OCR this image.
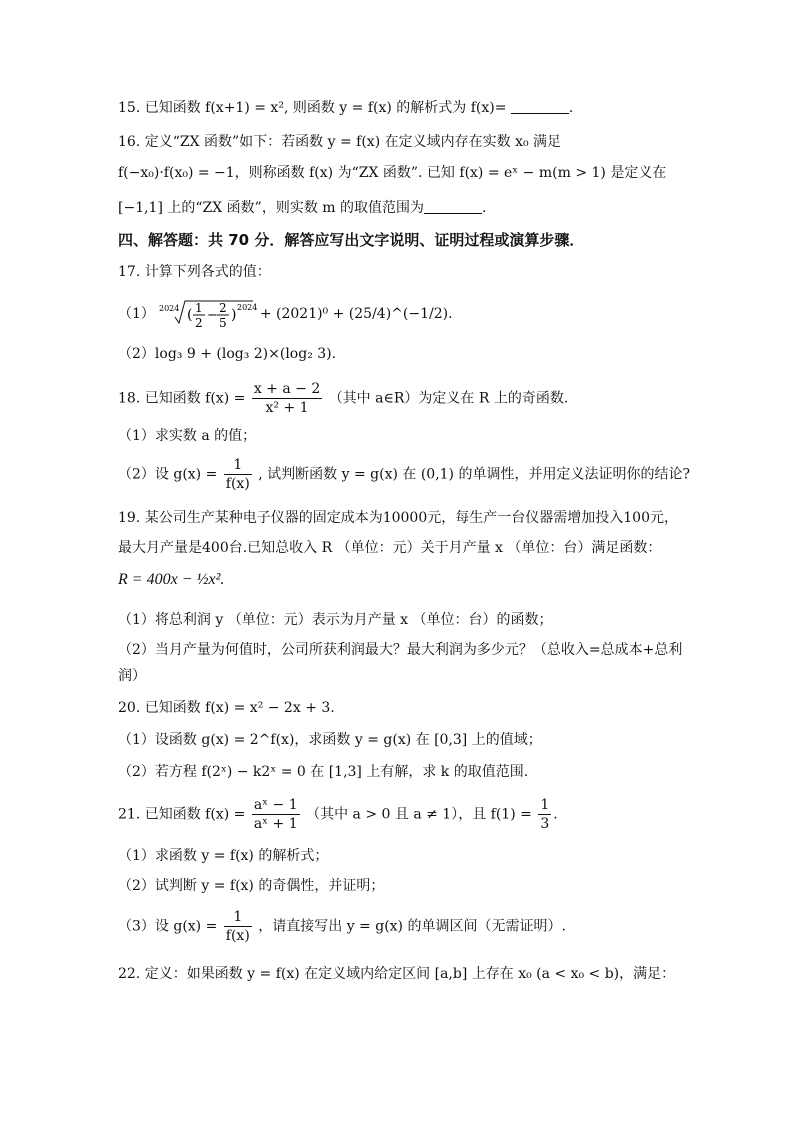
15. 已知函数 f(x+1) = x², 则函数 y = f(x) 的解析式为 f(x)=	.
16. 定义“ZX 函数”如下：若函数 y = f(x) 在定义域内存在实数 x₀ 满足
f(−x₀)·f(x₀) = −1，则称函数 f(x) 为“ZX 函数”. 已知 f(x) = eˣ − m(m > 1) 是定义在
[−1,1] 上的“ZX 函数”，则实数 m 的取值范围为	.
四、解答题：共 70 分．解答应写出文字说明、证明过程或演算步骤．
17. 计算下列各式的值：
（1） 2024 ( 1
2 − 2
5 ) 2024 + (2021)⁰ + (25/4)^(−1/2).
（2）log₃ 9 + (log₃ 2)×(log₂ 3).
18. 已知函数 $f(x) = \frac{x + a - 2}{\text{x² + 1}}$ （其中 a∈R）为定义在 R 上的奇函数.
（1）求实数 a 的值；
（2）设 $g(x) = \frac{1}{f(x)}$ , 试判断函数 y = g(x) 在 (0,1) 的单调性，并用定义法证明你的结论?
19. 某公司生产某种电子仪器的固定成本为10000元，每生产一台仪器需增加投入100元，
最大月产量是400台.已知总收入 R （单位：元）关于月产量 x （单位：台）满足函数：
R = 400x − ½x².
（1）将总利润 y （单位：元）表示为月产量 x （单位：台）的函数；
（2）当月产量为何值时，公司所获利润最大？最大利润为多少元？（总收入=总成本+总利
润）
20. 已知函数 f(x) = x² − 2x + 3.
（1）设函数 g(x) = 2^f(x)，求函数 y = g(x) 在 [0,3] 上的值域；
（2）若方程 f(2ˣ) − k2ˣ = 0 在 [1,3] 上有解，求 k 的取值范围.
21. 已知函数 $f(x) = \frac{\text{aˣ − 1}}{\text{aˣ + 1}}$ （其中 a > 0 且 a ≠ 1），且 $f(1) = \frac{1}{3}$ .
（1）求函数 y = f(x) 的解析式；
（2）试判断 y = f(x) 的奇偶性，并证明；
（3）设 $g(x) = \frac{1}{f(x)}$ ，请直接写出 y = g(x) 的单调区间（无需证明）.
22. 定义：如果函数 y = f(x) 在定义域内给定区间 [a,b] 上存在 x₀ (a < x₀ < b)，满足：
